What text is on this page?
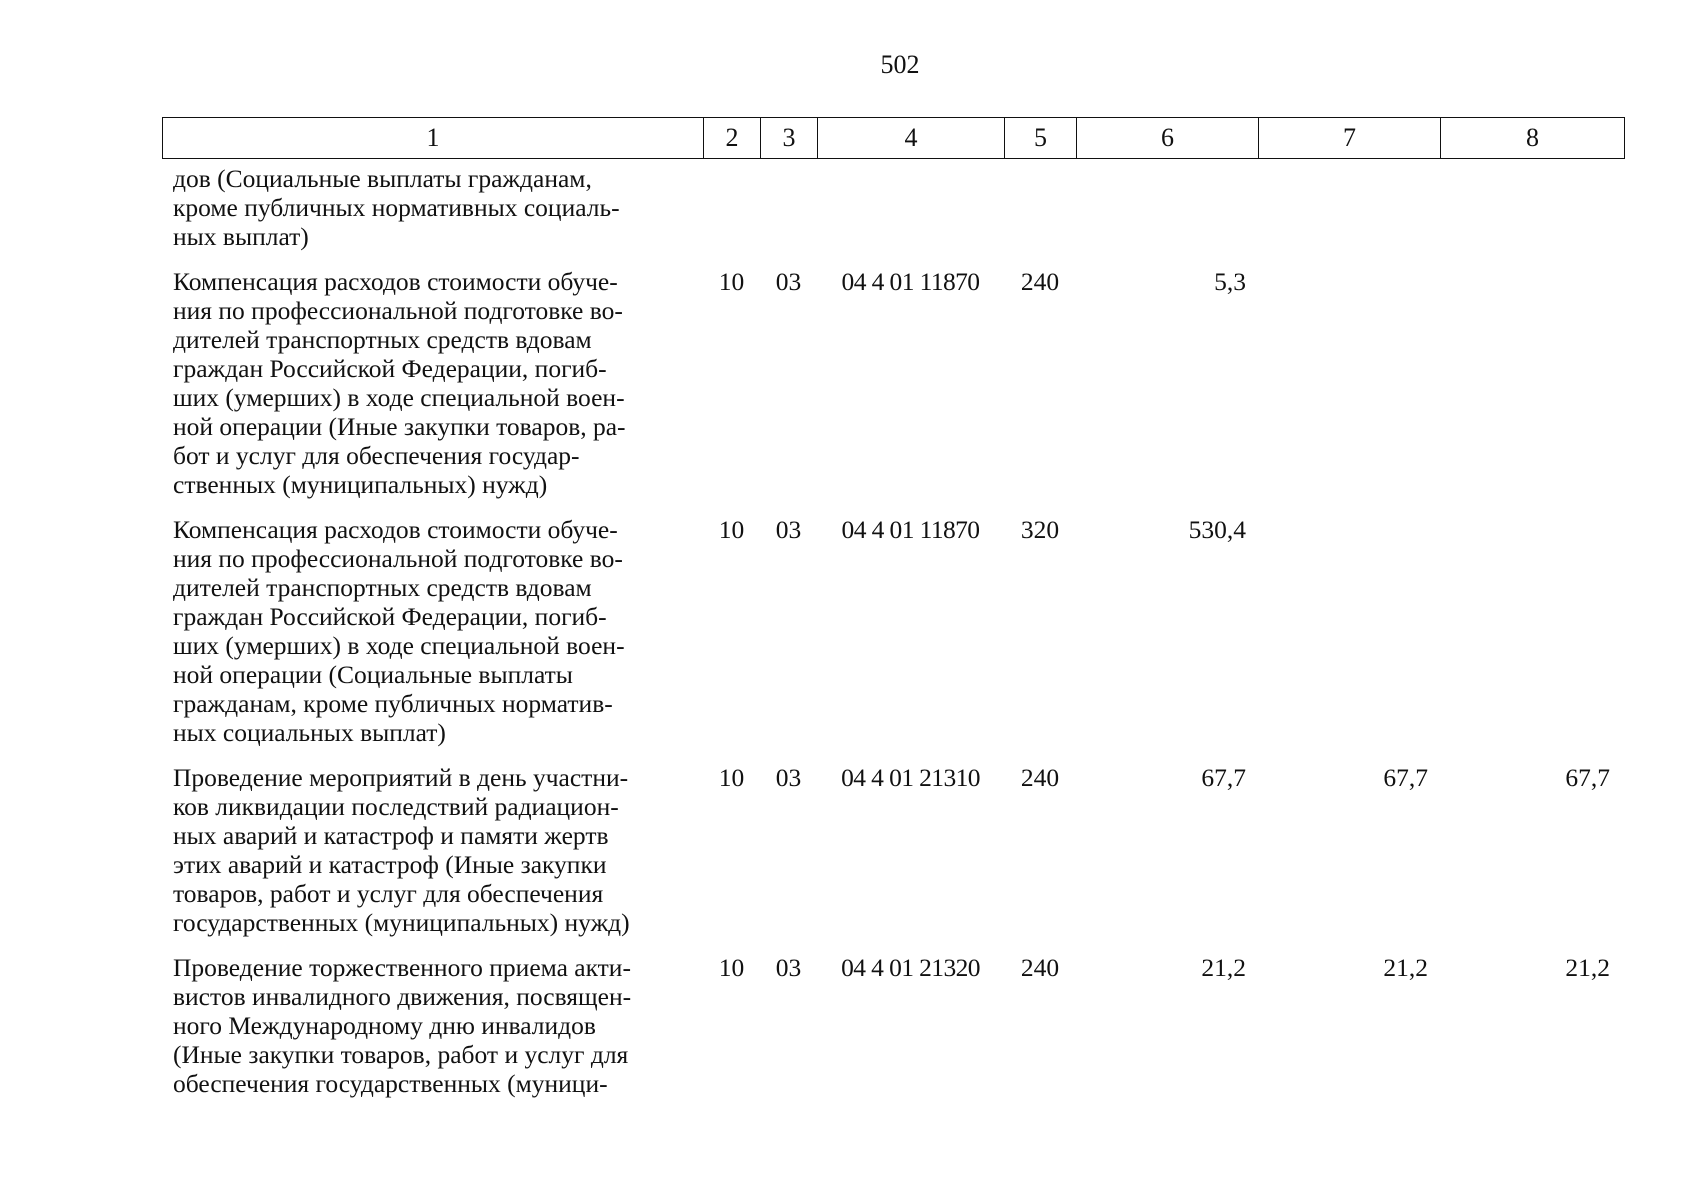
502
1	2	3	4	5	6	7	8
дов (Социальные выплаты гражданам,
кроме публичных нормативных социаль-
ных выплат)
Компенсация расходов стоимости обуче-
ния по профессиональной подготовке во-
дителей транспортных средств вдовам
граждан Российской Федерации, погиб-
ших (умерших) в ходе специальной воен-
ной операции (Иные закупки товаров, ра-
бот и услуг для обеспечения государ-
ственных (муниципальных) нужд)
10	03	04 4 01 11870	240	5,3
Компенсация расходов стоимости обуче-
ния по профессиональной подготовке во-
дителей транспортных средств вдовам
граждан Российской Федерации, погиб-
ших (умерших) в ходе специальной воен-
ной операции (Социальные выплаты
гражданам, кроме публичных норматив-
ных социальных выплат)
10	03	04 4 01 11870	320	530,4
Проведение мероприятий в день участни-
ков ликвидации последствий радиацион-
ных аварий и катастроф и памяти жертв
этих аварий и катастроф (Иные закупки
товаров, работ и услуг для обеспечения
государственных (муниципальных) нужд)
10	03	04 4 01 21310	240	67,7	67,7	67,7
Проведение торжественного приема акти-
вистов инвалидного движения, посвящен-
ного Международному дню инвалидов
(Иные закупки товаров, работ и услуг для
обеспечения государственных (муници-
10	03	04 4 01 21320	240	21,2	21,2	21,2
